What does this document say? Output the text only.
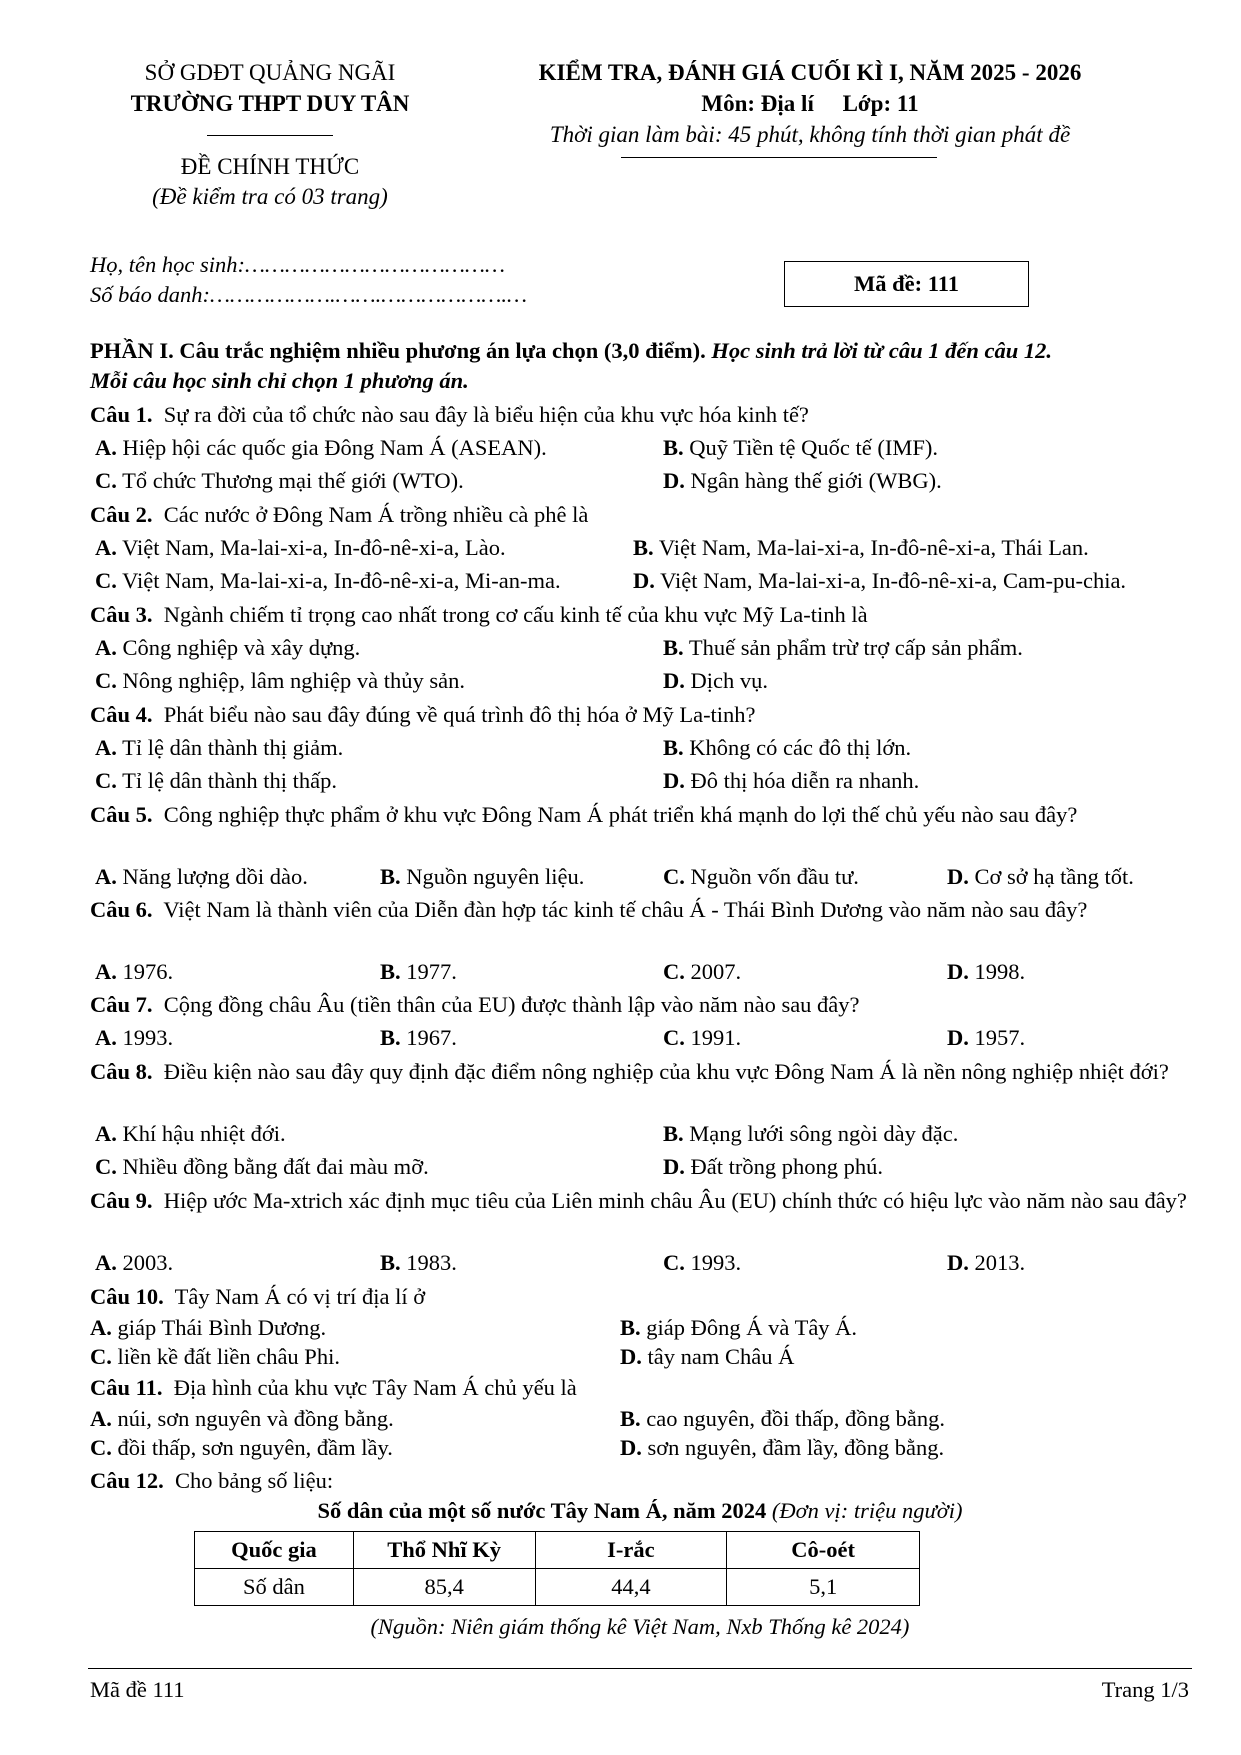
SỞ GDĐT QUẢNG NGÃI
TRƯỜNG THPT DUY TÂN
ĐỀ CHÍNH THỨC
(Đề kiểm tra có 03 trang)
KIỂM TRA, ĐÁNH GIÁ CUỐI KÌ I, NĂM 2025 - 2026
Môn: Địa lí Lớp: 11
Thời gian làm bài: 45 phút, không tính thời gian phát đề
Họ, tên học sinh:…………………………………
Số báo danh:……………….…….……………….…	Mã đề: 111
PHẦN I. Câu trắc nghiệm nhiều phương án lựa chọn (3,0 điểm). Học sinh trả lời từ câu 1 đến câu 12.
Mỗi câu học sinh chỉ chọn 1 phương án.
Câu 1. Sự ra đời của tổ chức nào sau đây là biểu hiện của khu vực hóa kinh tế?
A. Hiệp hội các quốc gia Đông Nam Á (ASEAN).	B. Quỹ Tiền tệ Quốc tế (IMF).
C. Tổ chức Thương mại thế giới (WTO).	D. Ngân hàng thế giới (WBG).
Câu 2. Các nước ở Đông Nam Á trồng nhiều cà phê là
A. Việt Nam, Ma-lai-xi-a, In-đô-nê-xi-a, Lào.	B. Việt Nam, Ma-lai-xi-a, In-đô-nê-xi-a, Thái Lan.
C. Việt Nam, Ma-lai-xi-a, In-đô-nê-xi-a, Mi-an-ma.	D. Việt Nam, Ma-lai-xi-a, In-đô-nê-xi-a, Cam-pu-chia.
Câu 3. Ngành chiếm tỉ trọng cao nhất trong cơ cấu kinh tế của khu vực Mỹ La-tinh là
A. Công nghiệp và xây dựng.	B. Thuế sản phẩm trừ trợ cấp sản phẩm.
C. Nông nghiệp, lâm nghiệp và thủy sản.	D. Dịch vụ.
Câu 4. Phát biểu nào sau đây đúng về quá trình đô thị hóa ở Mỹ La-tinh?
A. Tỉ lệ dân thành thị giảm.	B. Không có các đô thị lớn.
C. Tỉ lệ dân thành thị thấp.	D. Đô thị hóa diễn ra nhanh.
Câu 5. Công nghiệp thực phẩm ở khu vực Đông Nam Á phát triển khá mạnh do lợi thế chủ yếu nào sau đây?
A. Năng lượng dồi dào.	B. Nguồn nguyên liệu.	C. Nguồn vốn đầu tư.	D. Cơ sở hạ tầng tốt.
Câu 6. Việt Nam là thành viên của Diễn đàn hợp tác kinh tế châu Á - Thái Bình Dương vào năm nào sau đây?
A. 1976.	B. 1977.	C. 2007.	D. 1998.
Câu 7. Cộng đồng châu Âu (tiền thân của EU) được thành lập vào năm nào sau đây?
A. 1993.	B. 1967.	C. 1991.	D. 1957.
Câu 8. Điều kiện nào sau đây quy định đặc điểm nông nghiệp của khu vực Đông Nam Á là nền nông nghiệp nhiệt đới?
A. Khí hậu nhiệt đới.	B. Mạng lưới sông ngòi dày đặc.
C. Nhiều đồng bằng đất đai màu mỡ.	D. Đất trồng phong phú.
Câu 9. Hiệp ước Ma-xtrich xác định mục tiêu của Liên minh châu Âu (EU) chính thức có hiệu lực vào năm nào sau đây?
A. 2003.	B. 1983.	C. 1993.	D. 2013.
Câu 10. Tây Nam Á có vị trí địa lí ở
A. giáp Thái Bình Dương.	B. giáp Đông Á và Tây Á.
C. liền kề đất liền châu Phi.	D. tây nam Châu Á
Câu 11. Địa hình của khu vực Tây Nam Á chủ yếu là
A. núi, sơn nguyên và đồng bằng.	B. cao nguyên, đồi thấp, đồng bằng.
C. đồi thấp, sơn nguyên, đầm lầy.	D. sơn nguyên, đầm lầy, đồng bằng.
Câu 12. Cho bảng số liệu:
Số dân của một số nước Tây Nam Á, năm 2024 (Đơn vị: triệu người)
Quốc gia	Thổ Nhĩ Kỳ	I-rắc	Cô-oét
Số dân	85,4	44,4	5,1
(Nguồn: Niên giám thống kê Việt Nam, Nxb Thống kê 2024)
Mã đề 111	Trang 1/3
